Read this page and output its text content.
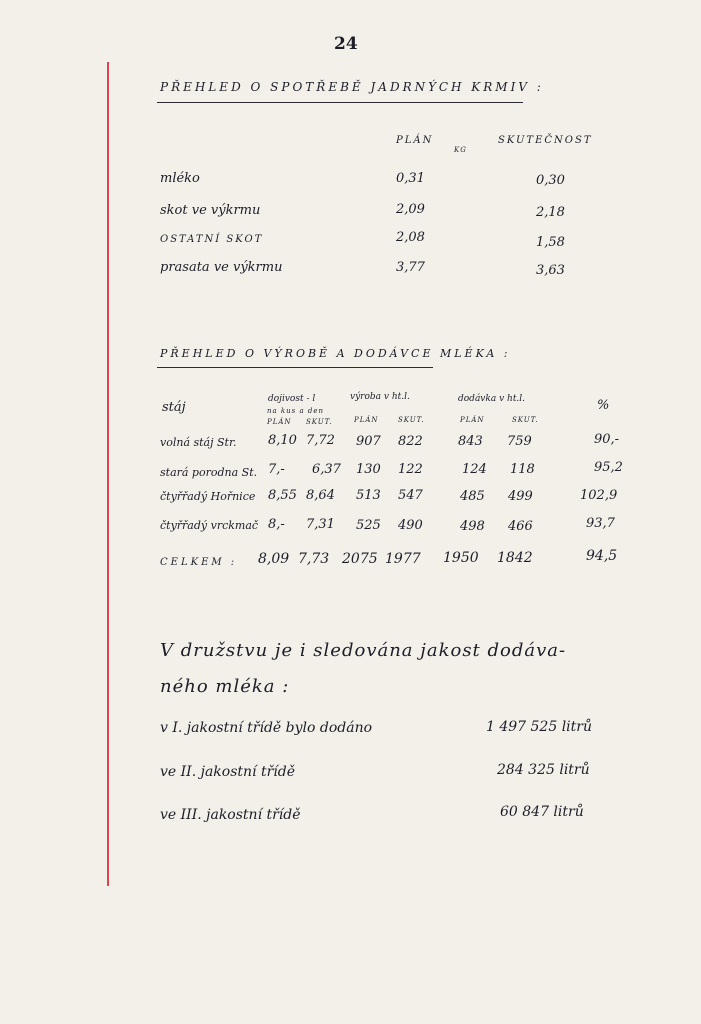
24
PŘEHLED O SPOTŘEBĚ JADRNÝCH KRMIV :
PLÁN
KG
SKUTEČNOST
mléko	0,31	0,30
skot ve výkrmu	2,09	2,18
OSTATNÍ SKOT	2,08	1,58
prasata ve výkrmu	3,77	3,63
PŘEHLED O VÝROBĚ A DODÁVCE MLÉKA :
stáj
dojivost - l
na kus a den
výroba v ht.l.	dodávka v ht.l.	%
PLÁN SKUT.	PLÁN	SKUT.	PLÁN	SKUT.
volná stáj Str. 8,10 7,72 907 822	843 759	90,-
stará porodna St. 7,- 6,37 130 122	124 118	95,2
čtyřřadý Hořnice 8,55 8,64 513 547	485 499	102,9
čtyřřadý vrckmač 8,- 7,31 525 490	498 466	93,7
CELKEM : 8,09 7,73 2075 1977 1950 1842	94,5
V družstvu je i sledována jakost dodáva-
ného mléka :
v I. jakostní třídě bylo dodáno	1 497 525 litrů
ve II. jakostní třídě	284 325 litrů
ve III. jakostní třídě	60 847 litrů
